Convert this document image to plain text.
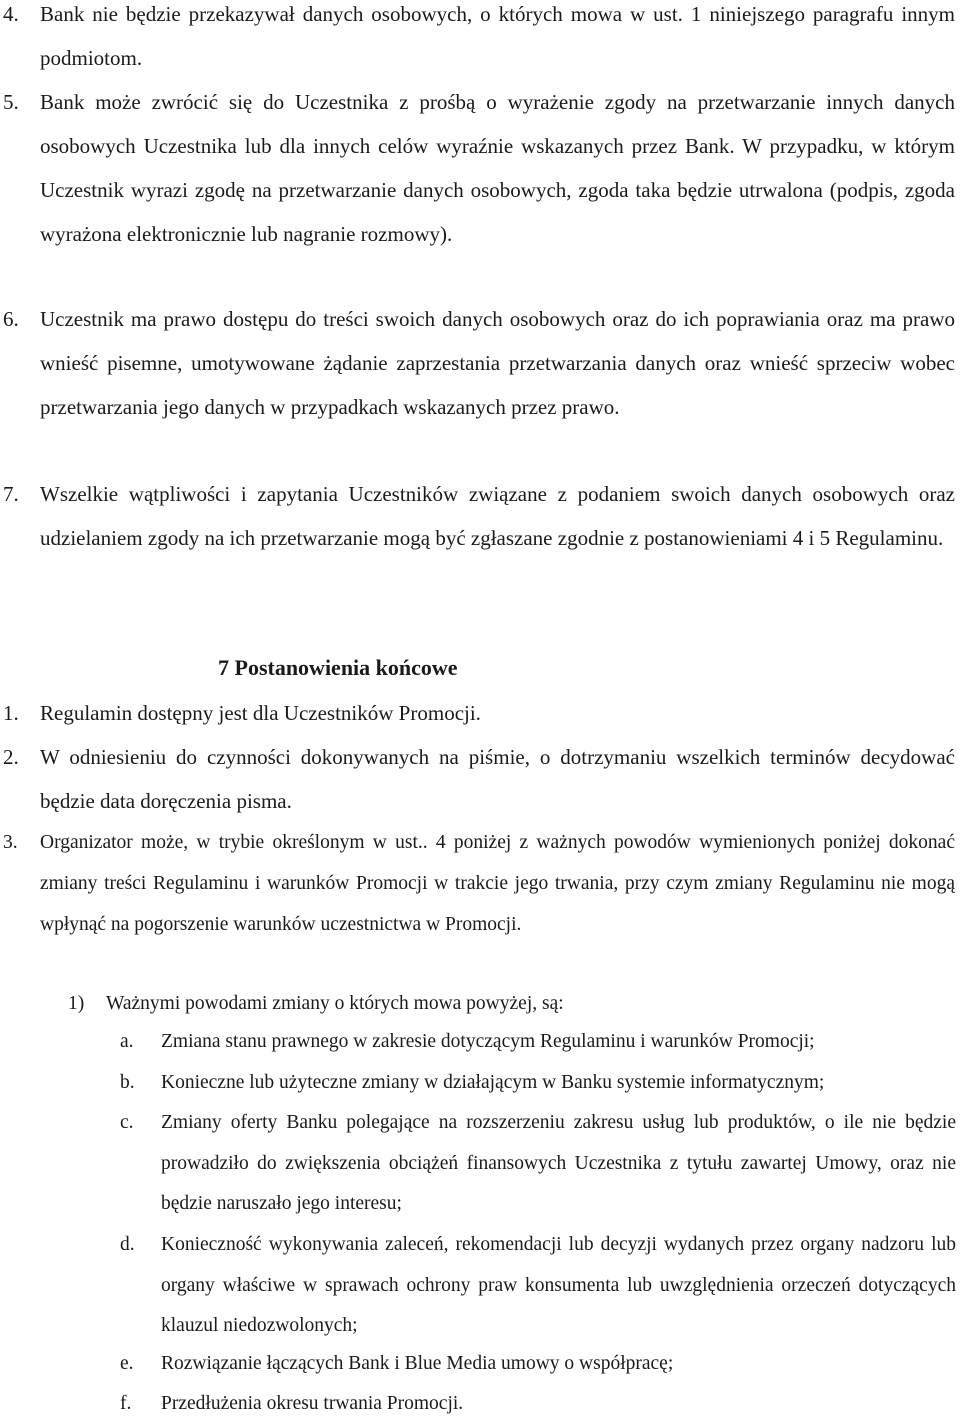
4. Bank nie będzie przekazywał danych osobowych, o których mowa w ust. 1 niniejszego paragrafu innym podmiotom.
5. Bank może zwrócić się do Uczestnika z prośbą o wyrażenie zgody na przetwarzanie innych danych osobowych Uczestnika lub dla innych celów wyraźnie wskazanych przez Bank. W przypadku, w którym Uczestnik wyrazi zgodę na przetwarzanie danych osobowych, zgoda taka będzie utrwalona (podpis, zgoda wyrażona elektronicznie lub nagranie rozmowy).
6. Uczestnik ma prawo dostępu do treści swoich danych osobowych oraz do ich poprawiania oraz ma prawo wnieść pisemne, umotywowane żądanie zaprzestania przetwarzania danych oraz wnieść sprzeciw wobec przetwarzania jego danych w przypadkach wskazanych przez prawo.
7. Wszelkie wątpliwości i zapytania Uczestników związane z podaniem swoich danych osobowych oraz udzielaniem zgody na ich przetwarzanie mogą być zgłaszane zgodnie z postanowieniami 4 i 5 Regulaminu.
7 Postanowienia końcowe
1. Regulamin dostępny jest dla Uczestników Promocji.
2. W odniesieniu do czynności dokonywanych na piśmie, o dotrzymaniu wszelkich terminów decydować będzie data doręczenia pisma.
3. Organizator może, w trybie określonym w ust.. 4 poniżej z ważnych powodów wymienionych poniżej dokonać zmiany treści Regulaminu i warunków Promocji w trakcie jego trwania, przy czym zmiany Regulaminu nie mogą wpłynąć na pogorszenie warunków uczestnictwa w Promocji.
1) Ważnymi powodami zmiany o których mowa powyżej, są:
a. Zmiana stanu prawnego w zakresie dotyczącym Regulaminu i warunków Promocji;
b. Konieczne lub użyteczne zmiany w działającym w Banku systemie informatycznym;
c. Zmiany oferty Banku polegające na rozszerzeniu zakresu usług lub produktów, o ile nie będzie prowadziło do zwiększenia obciążeń finansowych Uczestnika z tytułu zawartej Umowy, oraz nie będzie naruszało jego interesu;
d. Konieczność wykonywania zaleceń, rekomendacji lub decyzji wydanych przez organy nadzoru lub organy właściwe w sprawach ochrony praw konsumenta lub uwzględnienia orzeczeń dotyczących klauzul niedozwolonych;
e. Rozwiązanie łączących Bank i Blue Media umowy o współpracę;
f. Przedłużenia okresu trwania Promocji.
